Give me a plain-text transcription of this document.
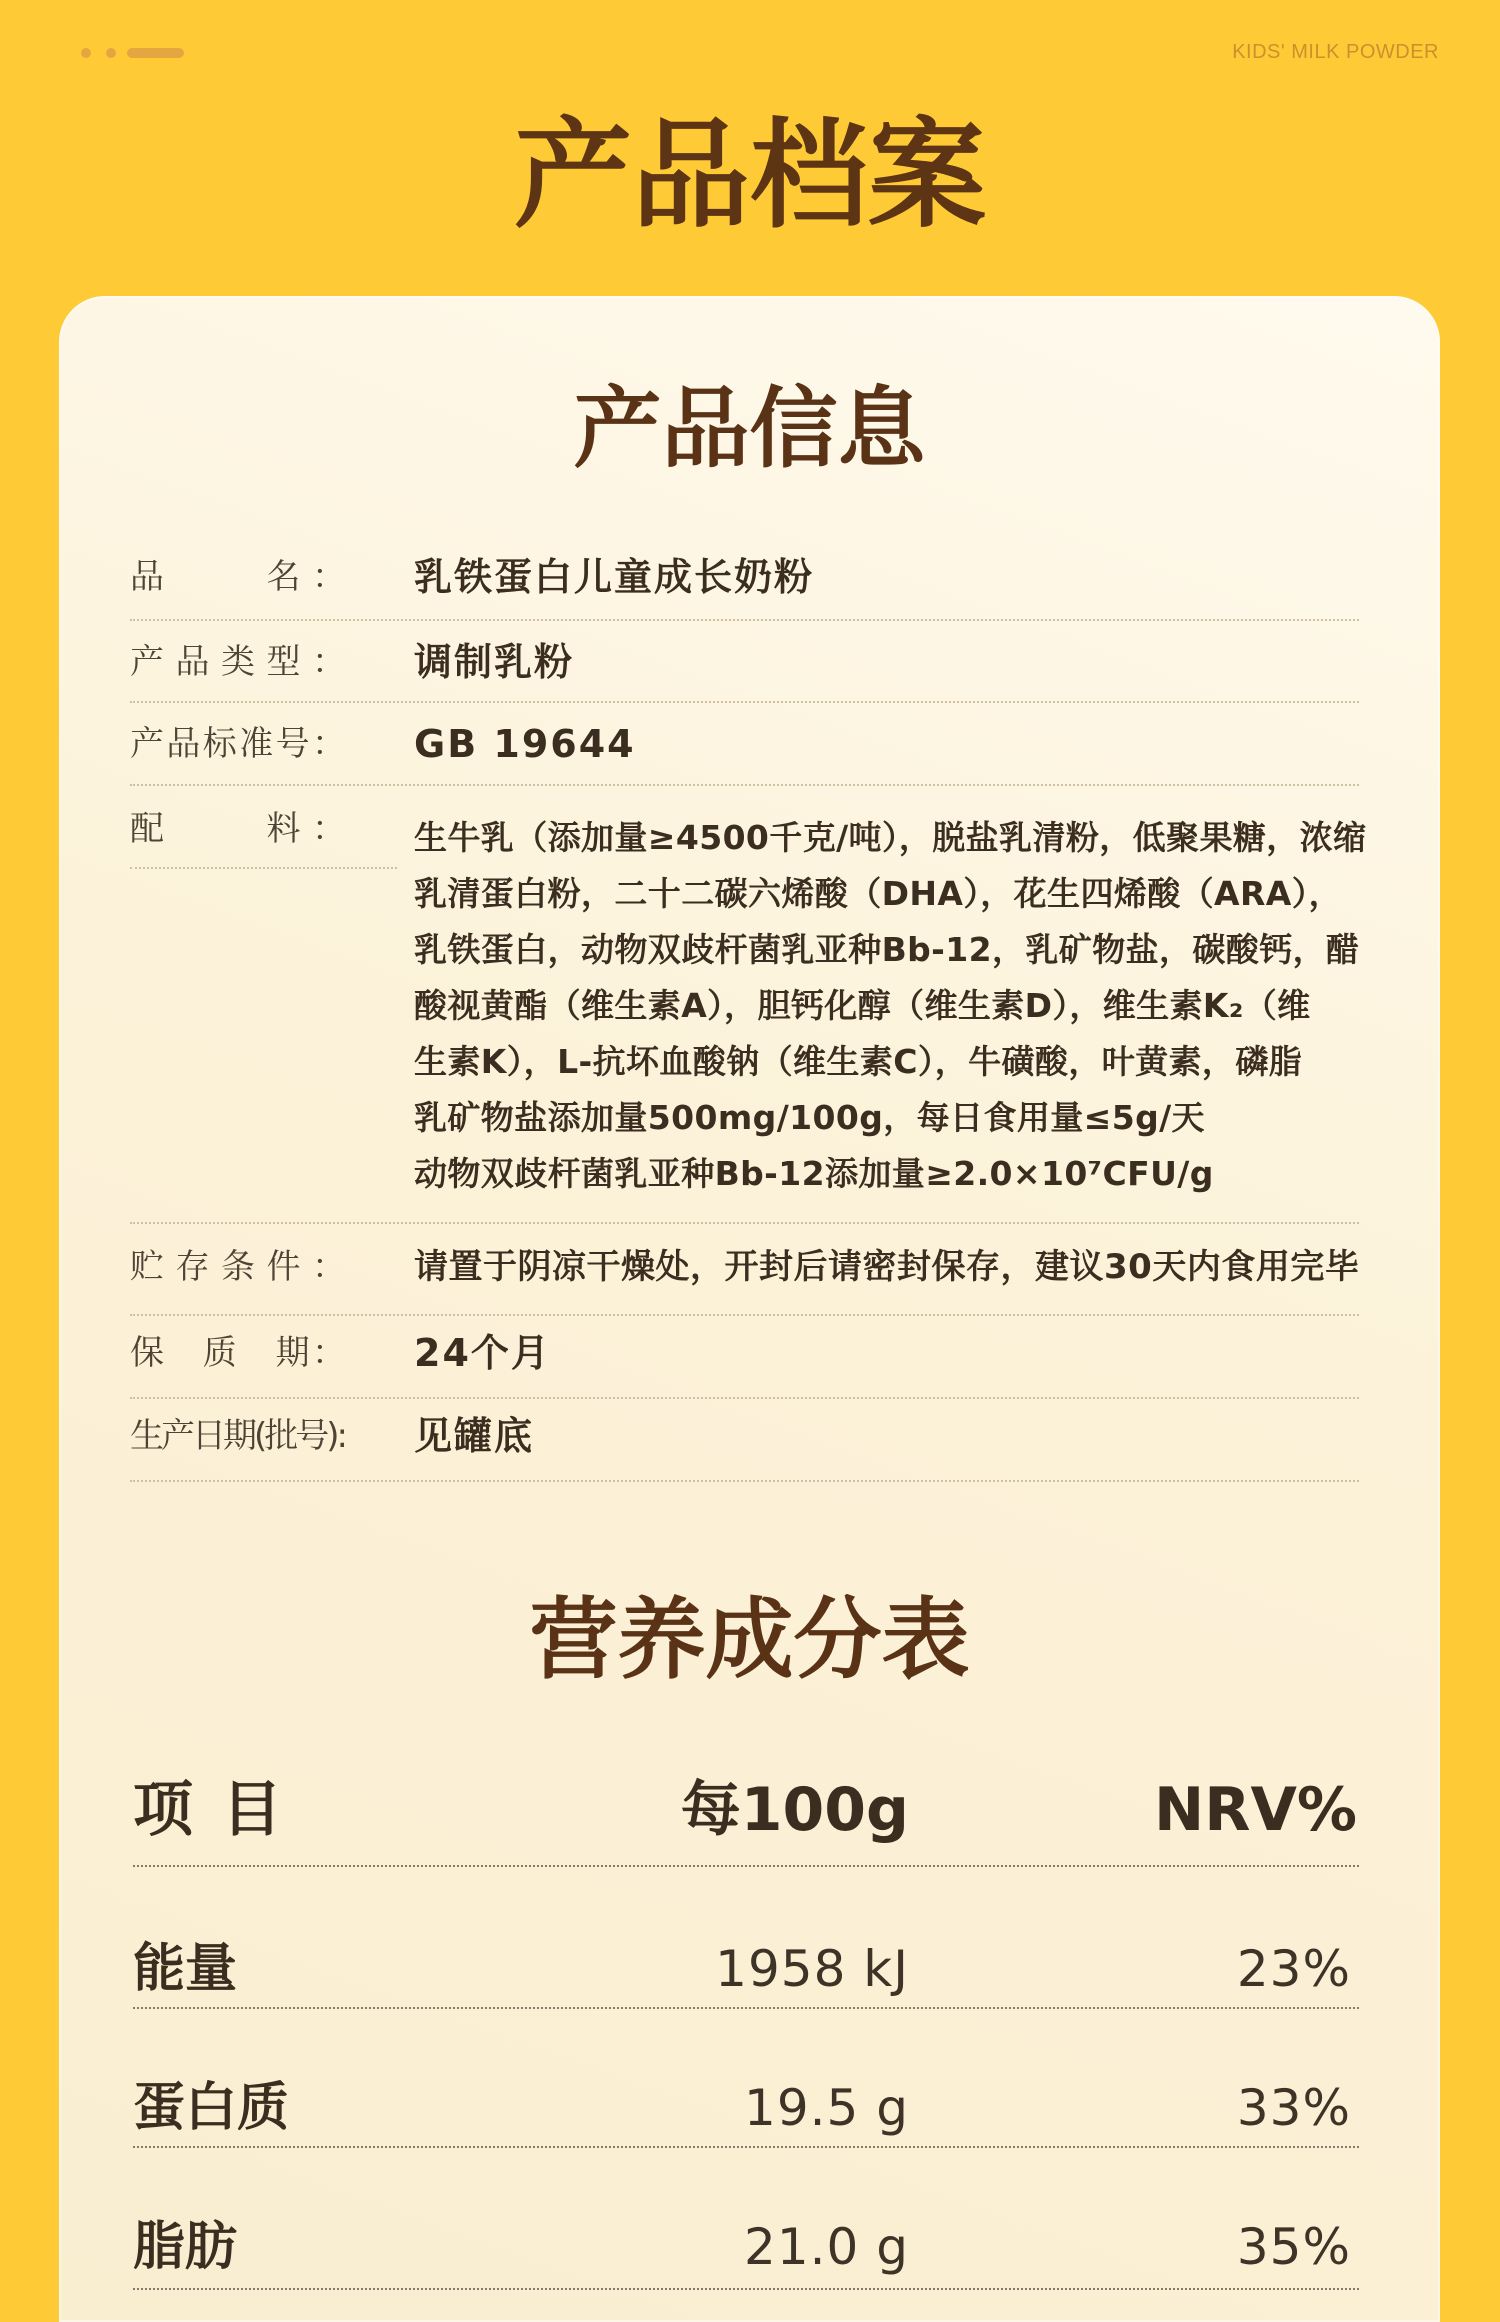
KIDS' MILK POWDER
产品档案
产品信息
品　　名： 乳铁蛋白儿童成长奶粉
产品类型： 调制乳粉
产品标准号： GB 19644
配　　料： 生牛乳（添加量≥4500千克/吨），脱盐乳清粉，低聚果糖，浓缩
乳清蛋白粉，二十二碳六烯酸（DHA），花生四烯酸（ARA），
乳铁蛋白，动物双歧杆菌乳亚种Bb-12，乳矿物盐，碳酸钙，醋
酸视黄酯（维生素A），胆钙化醇（维生素D），维生素K₂（维
生素K），L-抗坏血酸钠（维生素C），牛磺酸，叶黄素，磷脂
乳矿物盐添加量500mg/100g，每日食用量≤5g/天
动物双歧杆菌乳亚种Bb-12添加量≥2.0×10⁷CFU/g
贮存条件： 请置于阴凉干燥处，开封后请密封保存，建议30天内食用完毕
保　质　期： 24个月
生产日期(批号): 见罐底
营养成分表
项 目	每100g	NRV%
能量	1958 kJ	23%
蛋白质	19.5 g	33%
脂肪	21.0 g	35%
